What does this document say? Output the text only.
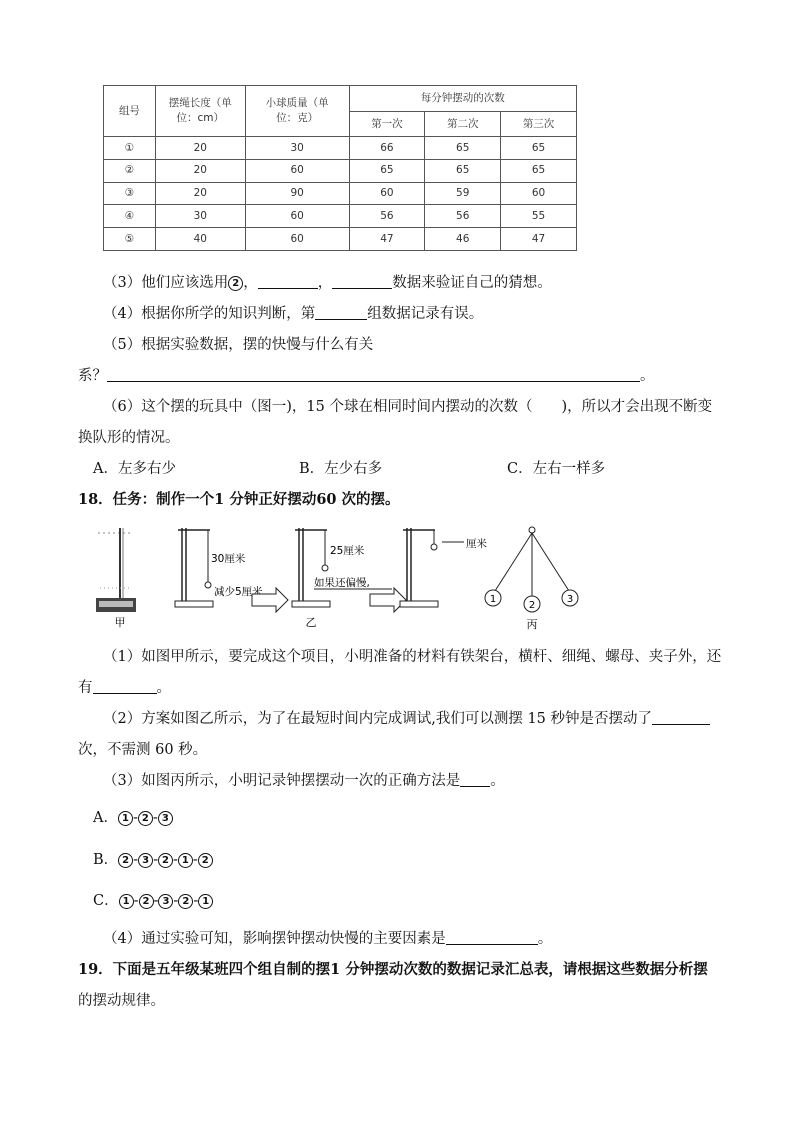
组号	摆绳长度（单位：cm）	小球质量（单位：克）	每分钟摆动的次数		
			第一次	第二次	第三次
①	20	30	66	65	65
②	20	60	65	65	65
③	20	90	60	59	60
④	30	60	56	56	55
⑤	40	60	47	46	47
（3）他们应该选用 2 ，	，	数据来验证自己的猜想。
（4）根据你所学的知识判断，第	组数据记录有误。
（5）根据实验数据，摆的快慢与什么有关
系？	。
（6）这个摆的玩具中（图一)，15 个球在相同时间内摆动的次数（　　)，所以才会出现不断变
换队形的情况。
A．左多右少	B．左少右多	C．左右一样多
18．任务：制作一个1 分钟正好摆动60 次的摆。
甲
30厘米
减少5厘米
25厘米
如果还偏慢,
乙
厘米
1
2
3
丙
（1）如图甲所示，要完成这个项目，小明准备的材料有铁架台，横杆、细绳、螺母、夹子外，还
有	。
（2）方案如图乙所示，为了在最短时间内完成调试,我们可以测摆 15 秒钟是否摆动了
次，不需测 60 秒。
（3）如图丙所示，小明记录钟摆摆动一次的正确方法是 。
A． 1 - 2 - 3
B． 2 - 3 - 2 - 1 - 2
C． 1 - 2 - 3 - 2 - 1
（4）通过实验可知，影响摆钟摆动快慢的主要因素是	。
19．下面是五年级某班四个组自制的摆1 分钟摆动次数的数据记录汇总表，请根据这些数据分析摆
的摆动规律。
